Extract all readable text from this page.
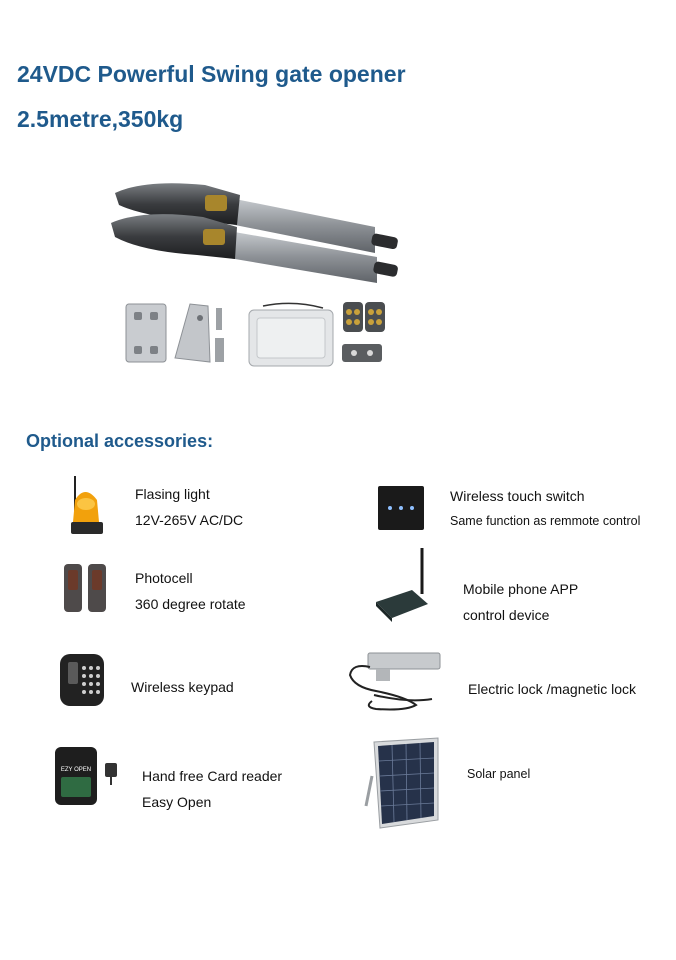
24VDC Powerful Swing gate opener
2.5metre,350kg
Optional accessories:
Flasing light
12V-265V AC/DC
Photocell
360 degree rotate
Wireless keypad
EZY OPEN	Hand free Card reader
Easy Open
Wireless touch switch
Same function as remmote control
Mobile phone APP
control device
Electric lock /magnetic lock
Solar panel
